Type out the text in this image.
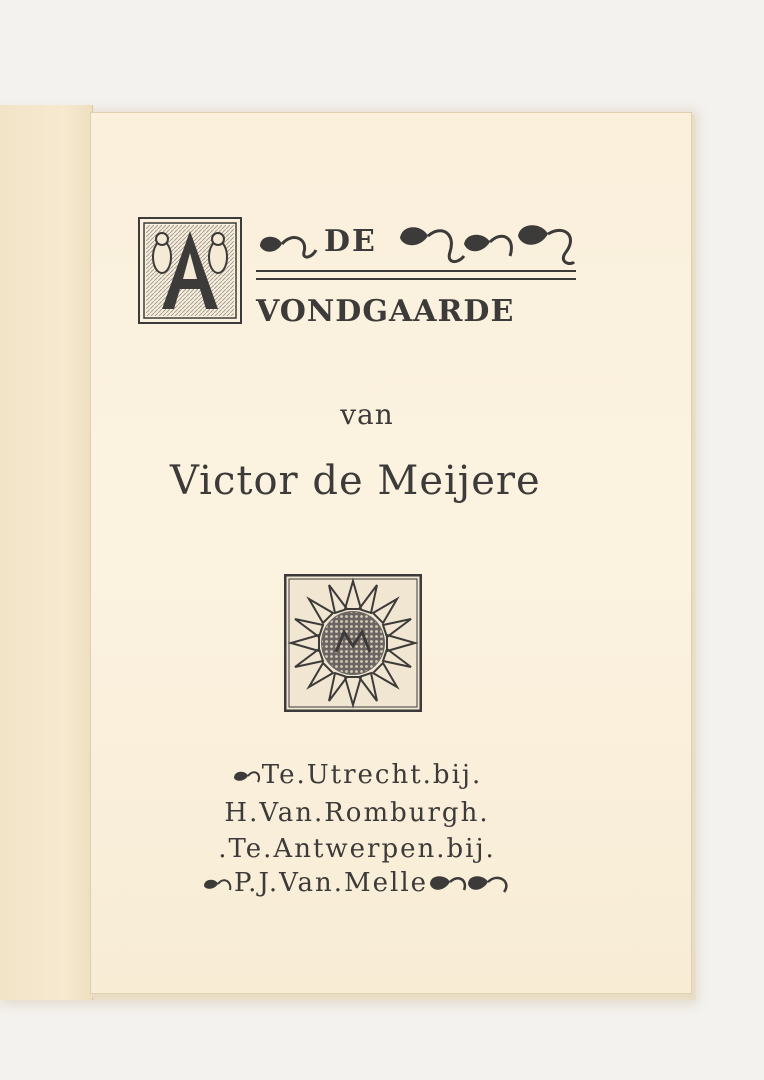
A
DE
VONDGAARDE
van
Victor de Meijere
Te.Utrecht.bij.
H.Van.Romburgh.
.Te.Antwerpen.bij.
P.J.Van.Melle
